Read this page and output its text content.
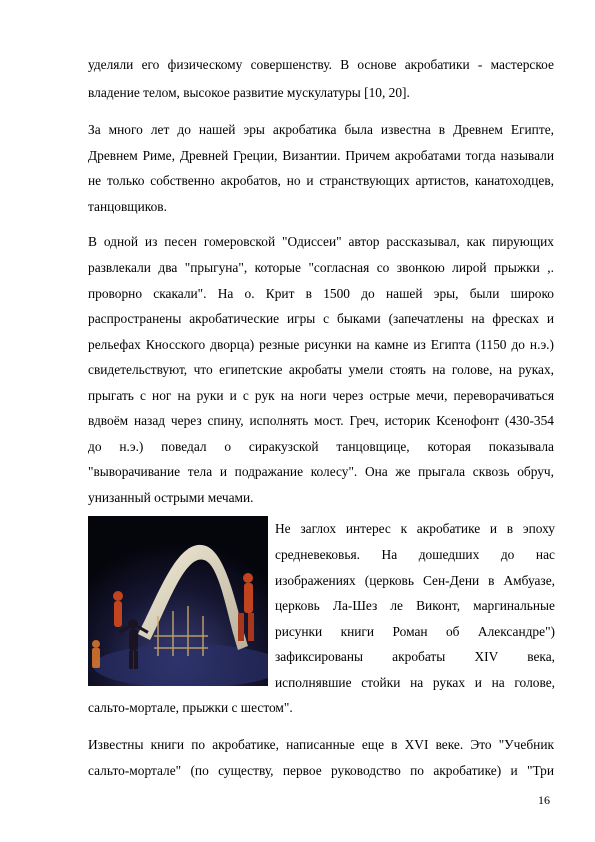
уделяли его физическому совершенству. В основе акробатики - мастерское
владение телом, высокое развитие мускулатуры [10, 20].
За много лет до нашей эры акробатика была известна в Древнем Египте,
Древнем Риме, Древней Греции, Византии. Причем акробатами тогда называли
не только собственно акробатов, но и странствующих артистов, канатоходцев,
танцовщиков.
В одной из песен гомеровской "Одиссеи" автор рассказывал, как пирующих
развлекали два "прыгуна", которые "согласная со звонкою лирой прыжки ,.
проворно скакали". На о. Крит в 1500 до нашей эры, были широко
распространены акробатические игры с быками (запечатлены на фресках и
рельефах Кносского дворца) резные рисунки на камне из Египта (1150 до н.э.)
свидетельствуют, что египетские акробаты умели стоять на голове, на руках,
прыгать с ног на руки и с рук на ноги через острые мечи, переворачиваться
вдвоём назад через спину, исполнять мост. Греч, историк Ксенофонт (430-354
до н.э.) поведал о сиракузской танцовщице, которая показывала
"выворачивание тела и подражание колесу". Она же прыгала сквозь обруч,
унизанный острыми мечами.
Не заглох интерес к акробатике и в эпоху
средневековья. На дошедших до нас
изображениях (церковь Сен-Дени в Амбуазе,
церковь Ла-Шез ле Виконт, маргинальные
рисунки книги Роман об Александре")
зафиксированы акробаты XIV века,
исполнявшие стойки на руках и на голове,
сальто-мортале, прыжки с шестом".
Известны книги по акробатике, написанные еще в XVI веке. Это "Учебник
сальто-мортале" (по существу, первое руководство по акробатике) и "Три
16
